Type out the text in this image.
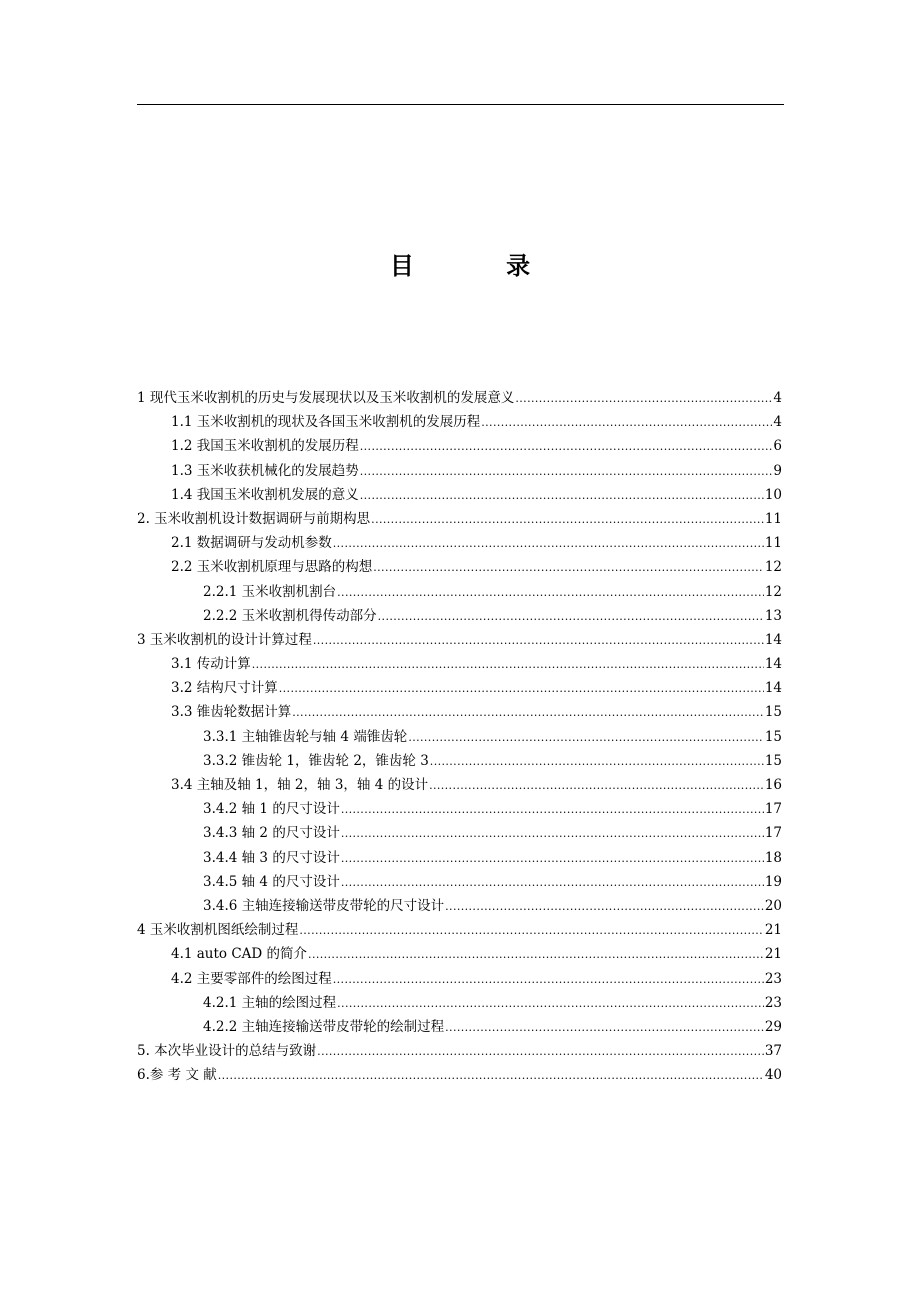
目 录
1 现代玉米收割机的历史与发展现状以及玉米收割机的发展意义 .....	4
1.1 玉米收割机的现状及各国玉米收割机的发展历程 .....	4
1.2 我国玉米收割机的发展历程 .....	6
1.3 玉米收获机械化的发展趋势 .....	9
1.4 我国玉米收割机发展的意义 .....	10
2. 玉米收割机设计数据调研与前期构思 .....	11
2.1 数据调研与发动机参数 .....	11
2.2 玉米收割机原理与思路的构想 .....	12
2.2.1 玉米收割机割台 .....	12
2.2.2 玉米收割机得传动部分 .....	13
3 玉米收割机的设计计算过程 .....	14
3.1 传动计算 .....	14
3.2 结构尺寸计算 .....	14
3.3 锥齿轮数据计算 .....	15
3.3.1 主轴锥齿轮与轴 4 端锥齿轮 .....	15
3.3.2 锥齿轮 1，锥齿轮 2，锥齿轮 3 .....	15
3.4 主轴及轴 1，轴 2，轴 3，轴 4 的设计 .....	16
3.4.2 轴 1 的尺寸设计 .....	17
3.4.3 轴 2 的尺寸设计 .....	17
3.4.4 轴 3 的尺寸设计 .....	18
3.4.5 轴 4 的尺寸设计 .....	19
3.4.6 主轴连接输送带皮带轮的尺寸设计 .....	20
4 玉米收割机图纸绘制过程 .....	21
4.1 auto CAD 的简介 .....	21
4.2 主要零部件的绘图过程 .....	23
4.2.1 主轴的绘图过程 .....	23
4.2.2 主轴连接输送带皮带轮的绘制过程 .....	29
5. 本次毕业设计的总结与致谢 .....	37
6.参 考 文 献 .....	40
